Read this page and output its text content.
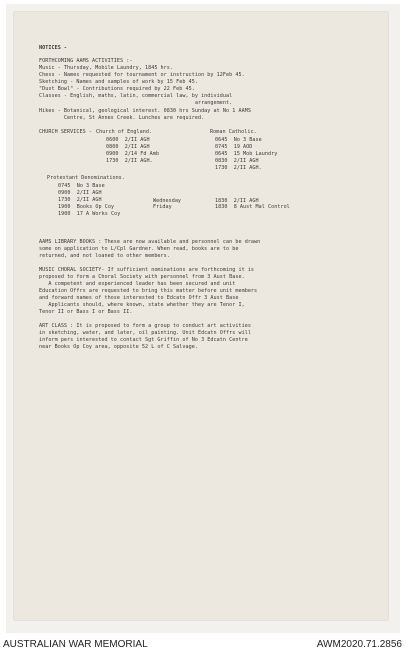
NOTICES -
FORTHCOMING AAMS ACTIVITIES :-
Music - Thursday, Mobile Laundry, 1845 hrs.
Chess - Names requested for tournament or instruction by 12Feb 45.
Sketching - Names and samples of work by 15 Feb 45.
"Dust Bowl" - Contributions required by 22 Feb 45.
Classes - English, maths, latin, commercial law, by individual
arrangement.
Hikes - Botanical, geological interest. 0830 hrs Sunday at No 1 AAMS
Centre, St Annes Creek. Lunches are required.
CHURCH SERVICES - Church of England.	Roman Catholic.
0600  2/II AGH
0800  2/II AGH
0900  2/14 Fd Amb
1730  2/II AGH.
0645  No 3 Base
0745  19 AOD
0645  15 Mob Laundry
0830  2/II AGH
1730  2/II AGH.
Protestant Denominations.
0745  No 3 Base
0900  2/II AGH
1730  2/II AGH
1900  Books Op Coy
1900  17 A Works Coy
Wednesday
Friday
1830  2/II AGH
1830  8 Aust Mal Control
AAMS LIBRARY BOOKS : These are now available and personnel can be drawn
some on application to L/Cpl Gardner. When read, books are to be
returned, and not loaned to other members.
MUSIC CHORAL SOCIETY- If sufficient nominations are forthcoming it is
proposed to form a Choral Society with personnel from 3 Aust Base.
A competent and experienced leader has been secured and unit
Education Offrs are requested to bring this matter before unit members
and forward names of those interested to Edcatn Offr 3 Aust Base
Applicants should, where known, state whether they are Tenor I,
Tenor II or Bass I or Bass II.
ART CLASS : It is proposed to form a group to conduct art activities
in sketching, water, and later, oil painting. Unit Edcatn Offrs will
inform pers interested to contact Sgt Griffin of No 3 Edcatn Centre
near Books Op Coy area, opposite 52 L of C Salvage.
AUSTRALIAN WAR MEMORIAL	AWM2020.71.2856
